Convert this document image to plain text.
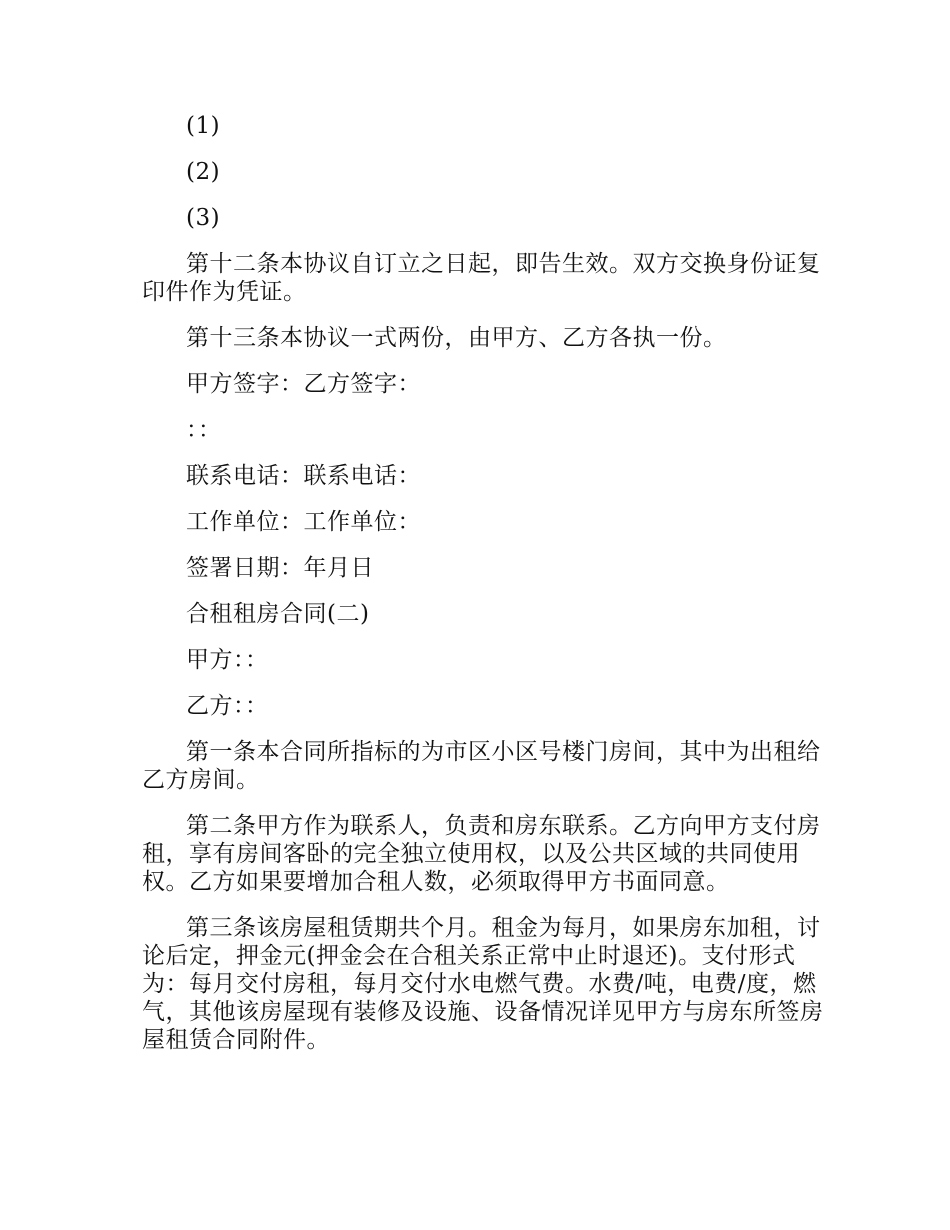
(1)

(2)

(3)

第十二条本协议自订立之日起，即告生效。双方交换身份证复印件作为凭证。

第十三条本协议一式两份，由甲方、乙方各执一份。

甲方签字：乙方签字：

：：

联系电话：联系电话：

工作单位：工作单位：

签署日期：年月日

合租租房合同(二)

甲方：：

乙方：：

第一条本合同所指标的为市区小区号楼门房间，其中为出租给乙方房间。

第二条甲方作为联系人，负责和房东联系。乙方向甲方支付房租，享有房间客卧的完全独立使用权，以及公共区域的共同使用权。乙方如果要增加合租人数，必须取得甲方书面同意。

第三条该房屋租赁期共个月。租金为每月，如果房东加租，讨论后定，押金元(押金会在合租关系正常中止时退还)。支付形式为：每月交付房租，每月交付水电燃气费。水费/吨，电费/度，燃气，其他该房屋现有装修及设施、设备情况详见甲方与房东所签房屋租赁合同附件。
